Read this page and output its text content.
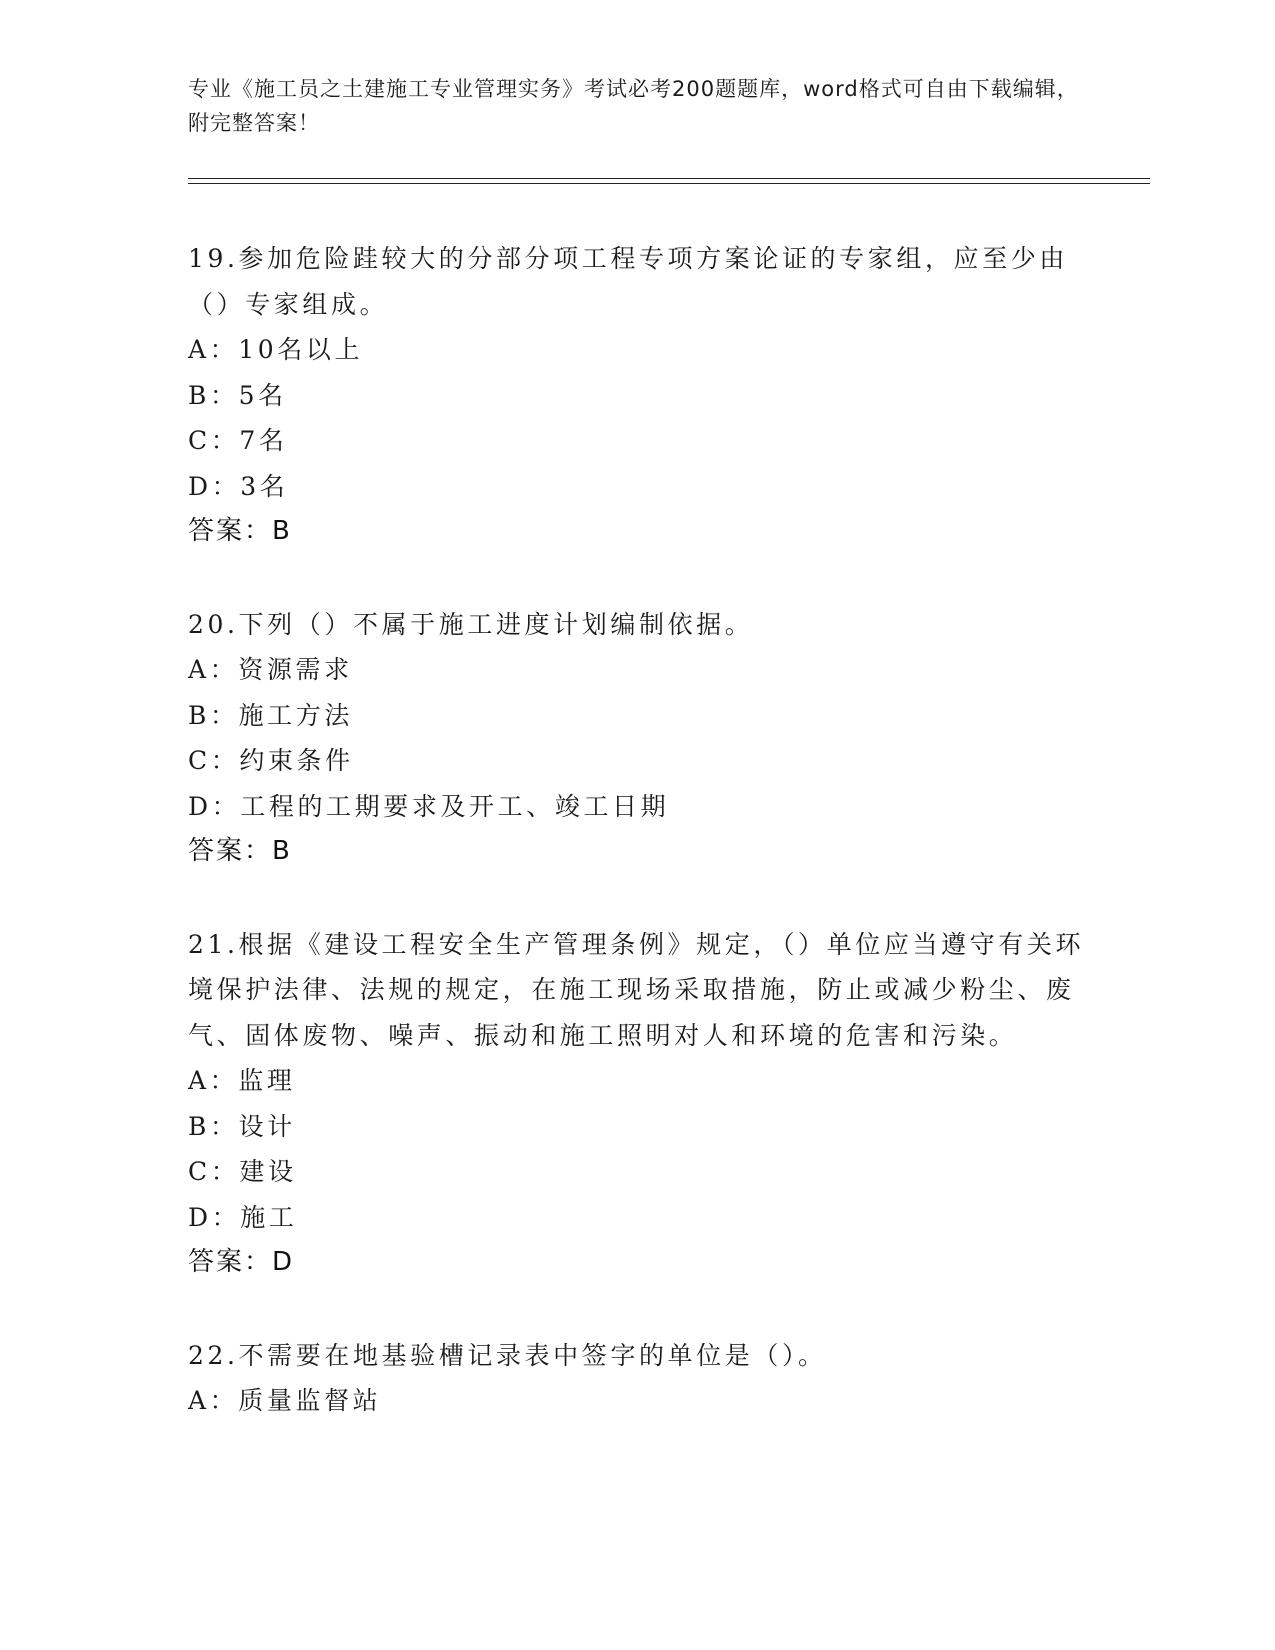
专业《施工员之土建施工专业管理实务》考试必考200题题库，word格式可自由下载编辑，附完整答案！

19.参加危险跬较大的分部分项工程专项方案论证的专家组，应至少由（）专家组成。

A：10名以上

B：5名

C：7名

D：3名

答案：B

20.下列（）不属于施工进度计划编制依据。

A：资源需求

B：施工方法

C：约束条件

D：工程的工期要求及开工、竣工日期

答案：B

21.根据《建设工程安全生产管理条例》规定，（）单位应当遵守有关环境保护法律、法规的规定，在施工现场采取措施，防止或减少粉尘、废气、固体废物、噪声、振动和施工照明对人和环境的危害和污染。

A：监理

B：设计

C：建设

D：施工

答案：D

22.不需要在地基验槽记录表中签字的单位是（）。

A：质量监督站
